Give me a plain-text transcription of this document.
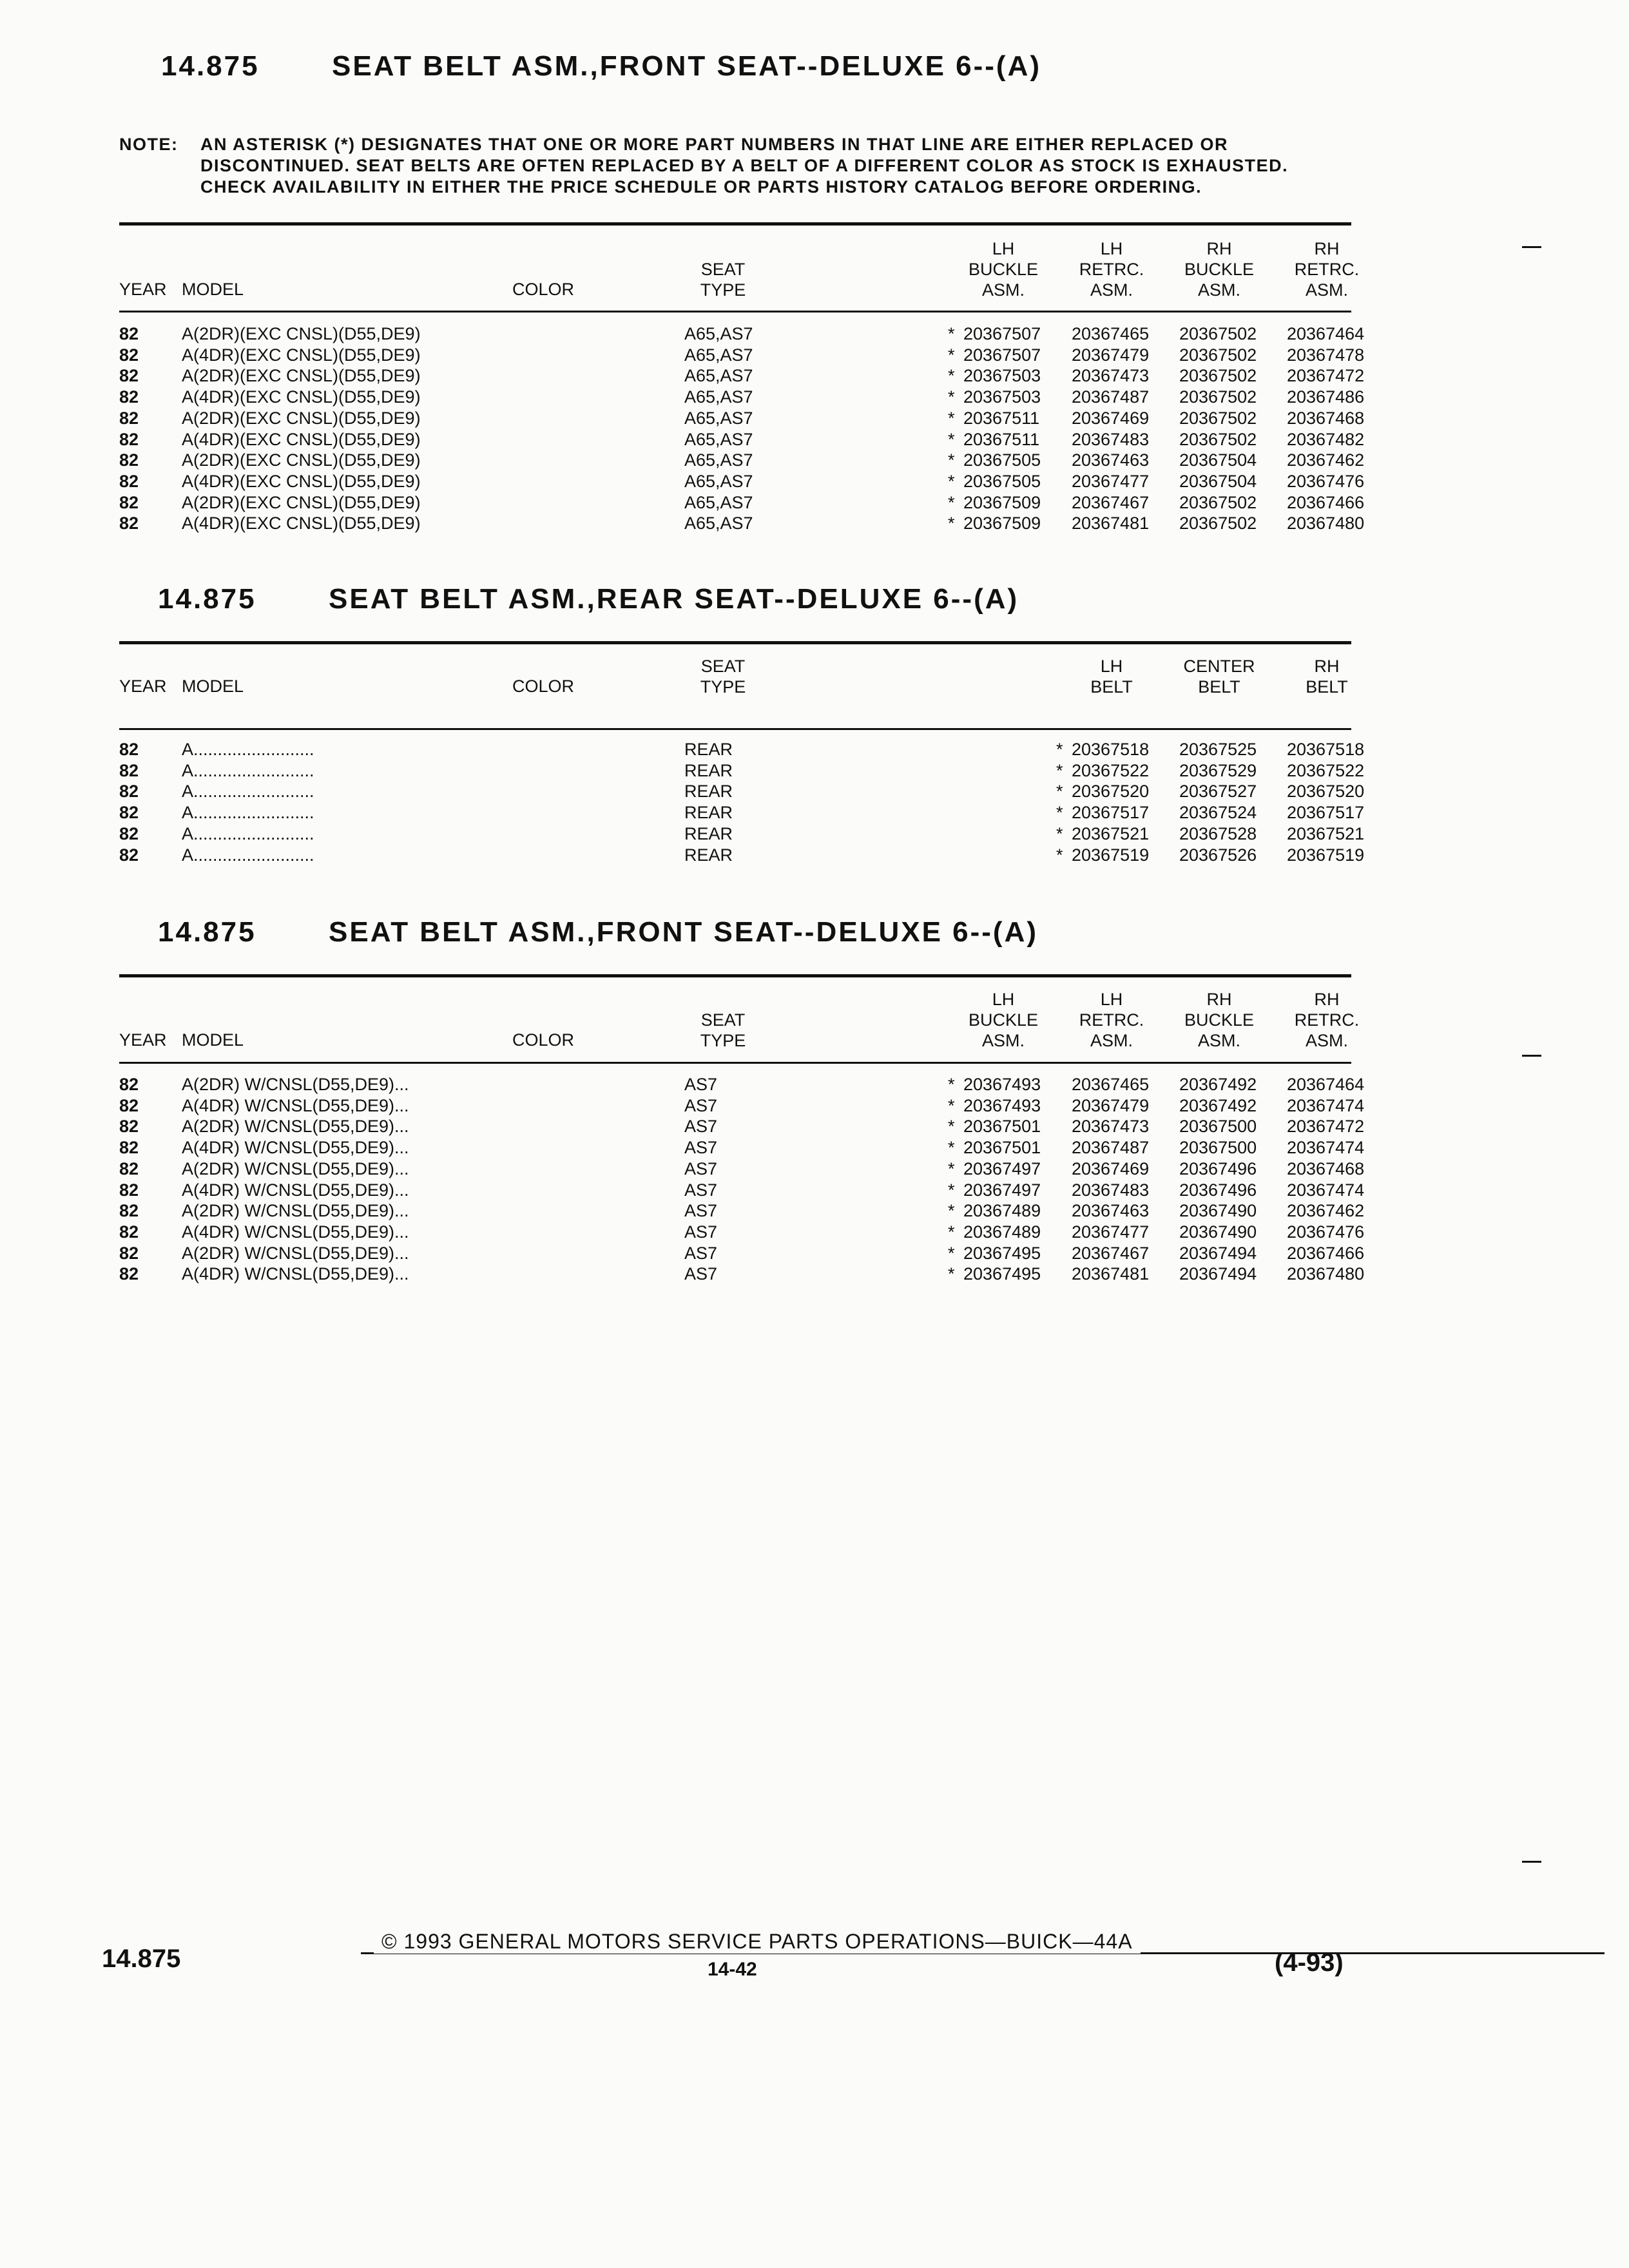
14.875	SEAT BELT ASM.,FRONT SEAT--DELUXE 6--(A)
NOTE: AN ASTERISK (*) DESIGNATES THAT ONE OR MORE PART NUMBERS IN THAT LINE ARE EITHER REPLACED OR
DISCONTINUED. SEAT BELTS ARE OFTEN REPLACED BY A BELT OF A DIFFERENT COLOR AS STOCK IS EXHAUSTED.
CHECK AVAILABILITY IN EITHER THE PRICE SCHEDULE OR PARTS HISTORY CATALOG BEFORE ORDERING.
YEAR MODEL	COLOR
SEAT
TYPE
LH
BUCKLE
ASM.
LH
RETRC.
ASM.
RH
BUCKLE
ASM.
RH
RETRC.
ASM.
82 A(2DR)(EXC CNSL)(D55,DE9)	A65,AS7	* 20367507 20367465 20367502 20367464
82 A(4DR)(EXC CNSL)(D55,DE9)	A65,AS7	* 20367507 20367479 20367502 20367478
82 A(2DR)(EXC CNSL)(D55,DE9)	A65,AS7	* 20367503 20367473 20367502 20367472
82 A(4DR)(EXC CNSL)(D55,DE9)	A65,AS7	* 20367503 20367487 20367502 20367486
82 A(2DR)(EXC CNSL)(D55,DE9)	A65,AS7	* 20367511 20367469 20367502 20367468
82 A(4DR)(EXC CNSL)(D55,DE9)	A65,AS7	* 20367511 20367483 20367502 20367482
82 A(2DR)(EXC CNSL)(D55,DE9)	A65,AS7	* 20367505 20367463 20367504 20367462
82 A(4DR)(EXC CNSL)(D55,DE9)	A65,AS7	* 20367505 20367477 20367504 20367476
82 A(2DR)(EXC CNSL)(D55,DE9)	A65,AS7	* 20367509 20367467 20367502 20367466
82 A(4DR)(EXC CNSL)(D55,DE9)	A65,AS7	* 20367509 20367481 20367502 20367480
14.875	SEAT BELT ASM.,REAR SEAT--DELUXE 6--(A)
YEAR MODEL	COLOR
SEAT
TYPE
LH
BELT
CENTER
BELT
RH
BELT
82 A.........................	REAR	* 20367518 20367525 20367518
82 A.........................	REAR	* 20367522 20367529 20367522
82 A.........................	REAR	* 20367520 20367527 20367520
82 A.........................	REAR	* 20367517 20367524 20367517
82 A.........................	REAR	* 20367521 20367528 20367521
82 A.........................	REAR	* 20367519 20367526 20367519
14.875	SEAT BELT ASM.,FRONT SEAT--DELUXE 6--(A)
YEAR MODEL	COLOR
SEAT
TYPE
LH
BUCKLE
ASM.
LH
RETRC.
ASM.
RH
BUCKLE
ASM.
RH
RETRC.
ASM.
82 A(2DR) W/CNSL(D55,DE9)...	AS7	* 20367493 20367465 20367492 20367464
82 A(4DR) W/CNSL(D55,DE9)...	AS7	* 20367493 20367479 20367492 20367474
82 A(2DR) W/CNSL(D55,DE9)...	AS7	* 20367501 20367473 20367500 20367472
82 A(4DR) W/CNSL(D55,DE9)...	AS7	* 20367501 20367487 20367500 20367474
82 A(2DR) W/CNSL(D55,DE9)...	AS7	* 20367497 20367469 20367496 20367468
82 A(4DR) W/CNSL(D55,DE9)...	AS7	* 20367497 20367483 20367496 20367474
82 A(2DR) W/CNSL(D55,DE9)...	AS7	* 20367489 20367463 20367490 20367462
82 A(4DR) W/CNSL(D55,DE9)...	AS7	* 20367489 20367477 20367490 20367476
82 A(2DR) W/CNSL(D55,DE9)...	AS7	* 20367495 20367467 20367494 20367466
82 A(4DR) W/CNSL(D55,DE9)...	AS7	* 20367495 20367481 20367494 20367480
© 1993 GENERAL MOTORS SERVICE PARTS OPERATIONS—BUICK—44A
14.875	14-42	(4-93)
